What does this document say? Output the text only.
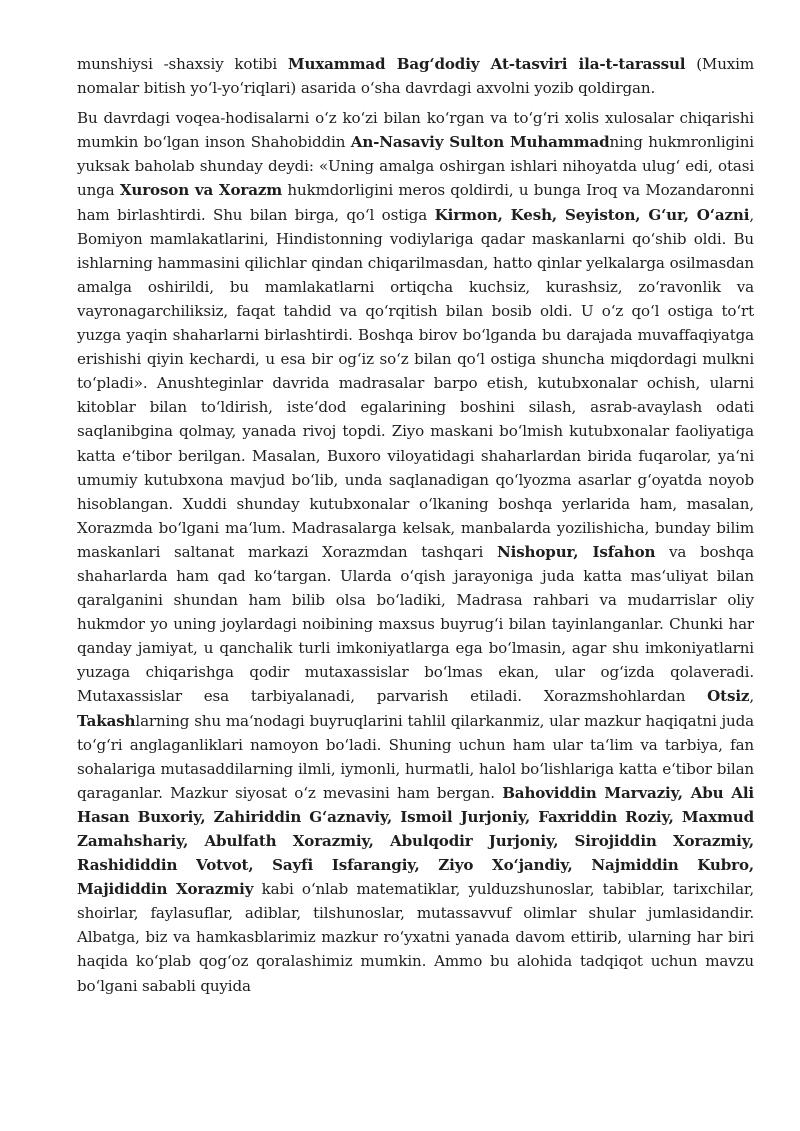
munshiysi -shaxsiy kotibi Muxammad Bag‘dodiy At-tasviri ila-t-tarassul (Muxim nomalar bitish yo‘l-yo‘riqlari) asarida o‘sha davrdagi axvolni yozib qoldirgan.

Bu davrdagi voqea-hodisalarni o‘z ko‘zi bilan ko‘rgan va to‘g‘ri xolis xulosalar chiqarishi mumkin bo‘lgan inson Shahobiddin An-Nasaviy Sulton Muhammadning hukmronligini yuksak baholab shunday deydi: «Uning amalga oshirgan ishlari nihoyatda ulug‘ edi, otasi unga Xuroson va Xorazm hukmdorligini meros qoldirdi, u bunga Iroq va Mozandaronni ham birlashtirdi. Shu bilan birga, qo‘l ostiga Kirmon, Kesh, Seyiston, G‘ur, O‘azni, Bomiyon mamlakatlarini, Hindistonning vodiylariga qadar maskanlarni qo‘shib oldi. Bu ishlarning hammasini qilichlar qindan chiqarilmasdan, hatto qinlar yelkalarga osilmasdan amalga oshirildi, bu mamlakatlarni ortiqcha kuchsiz, kurashsiz, zo‘ravonlik va vayronagarchiliksiz, faqat tahdid va qo‘rqitish bilan bosib oldi. U o‘z qo‘l ostiga to‘rt yuzga yaqin shaharlarni birlashtirdi. Boshqa birov bo‘lganda bu darajada muvaffaqiyatga erishishi qiyin kechardi, u esa bir og‘iz so‘z bilan qo‘l ostiga shuncha miqdordagi mulkni to‘pladi». Anushteginlar davrida madrasalar barpo etish, kutubxonalar ochish, ularni kitoblar bilan to‘ldirish, iste‘dod egalarining boshini silash, asrab-avaylash odati saqlanibgina qolmay, yanada rivoj topdi. Ziyo maskani bo‘lmish kutubxonalar faoliyatiga katta e‘tibor berilgan. Masalan, Buxoro viloyatidagi shaharlardan birida fuqarolar, ya‘ni umumiy kutubxona mavjud bo‘lib, unda saqlanadigan qo‘lyozma asarlar g‘oyatda noyob hisoblangan. Xuddi shunday kutubxonalar o‘lkaning boshqa yerlarida ham, masalan, Xorazmda bo‘lgani ma‘lum. Madrasalarga kelsak, manbalarda yozilishicha, bunday bilim maskanlari saltanat markazi Xorazmdan tashqari Nishopur, Isfahon va boshqa shaharlarda ham qad ko‘targan. Ularda o‘qish jarayoniga juda katta mas‘uliyat bilan qaralganini shundan ham bilib olsa bo‘ladiki, Madrasa rahbari va mudarrislar oliy hukmdor yo uning joylardagi noibining maxsus buyrug‘i bilan tayinlanganlar. Chunki har qanday jamiyat, u qanchalik turli imkoniyatlarga ega bo‘lmasin, agar shu imkoniyatlarni yuzaga chiqarishga qodir mutaxassislar bo‘lmas ekan, ular og‘izda qolaveradi. Mutaxassislar esa tarbiyalanadi, parvarish etiladi. Xorazmshohlardan Otsiz, Takashlarning shu ma‘nodagi buyruqlarini tahlil qilarkanmiz, ular mazkur haqiqatni juda to‘g‘ri anglaganliklari namoyon bo‘ladi. Shuning uchun ham ular ta‘lim va tarbiya, fan sohalariga mutasaddilarning ilmli, iymonli, hurmatli, halol bo‘lishlariga katta e‘tibor bilan qaraganlar. Mazkur siyosat o‘z mevasini ham bergan. Bahoviddin Marvaziy, Abu Ali Hasan Buxoriy, Zahiriddin G‘aznaviy, Ismoil Jurjoniy, Faxriddin Roziy, Maxmud Zamahshariy, Abulfath Xorazmiy, Abulqodir Jurjoniy, Sirojiddin Xorazmiy, Rashididdin Votvot, Sayfi Isfarangiy, Ziyo Xo‘jandiy, Najmiddin Kubro, Majididdin Xorazmiy kabi o‘nlab matematiklar, yulduzshunoslar, tabiblar, tarixchilar, shoirlar, faylasuflar, adiblar, tilshunoslar, mutassavvuf olimlar shular jumlasidandir. Albatga, biz va hamkasblarimiz mazkur ro‘yxatni yanada davom ettirib, ularning har biri haqida ko‘plab qog‘oz qoralashimiz mumkin. Ammo bu alohida tadqiqot uchun mavzu bo‘lgani sababli quyida
